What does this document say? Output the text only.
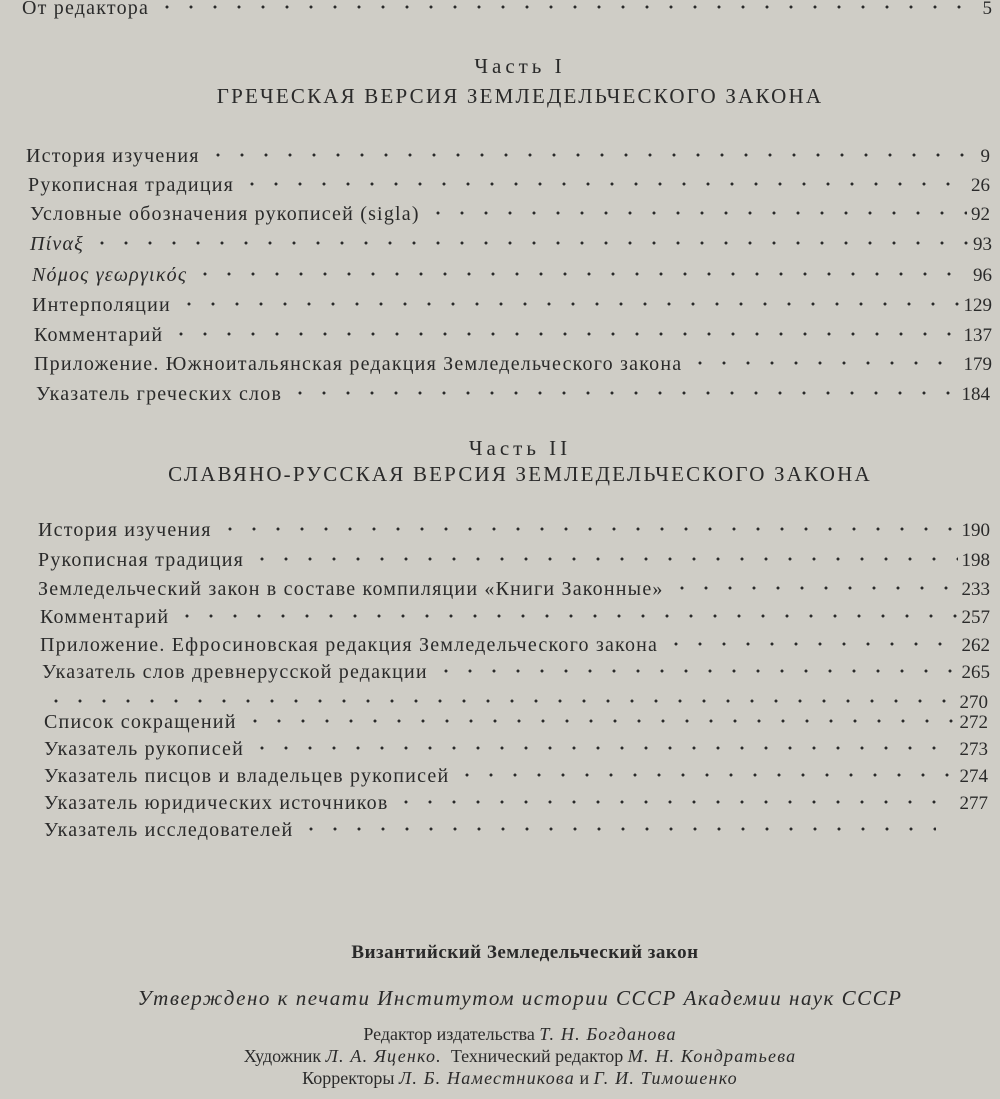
От редактора	5
Часть I
ГРЕЧЕСКАЯ ВЕРСИЯ ЗЕМЛЕДЕЛЬЧЕСКОГО ЗАКОНА
История изучения	9
Рукописная традиция	26
Условные обозначения рукописей (sigla)	92
Πίναξ	93
Νόμος γεωργικός	96
Интерполяции	129
Комментарий	137
Приложение. Южноитальянская редакция Земледельческого закона	179
Указатель греческих слов	184
Часть II
СЛАВЯНО-РУССКАЯ ВЕРСИЯ ЗЕМЛЕДЕЛЬЧЕСКОГО ЗАКОНА
История изучения	190
Рукописная традиция	198
Земледельческий закон в составе компиляции «Книги Законные»	233
Комментарий	257
Приложение. Ефросиновская редакция Земледельческого закона	262
Указатель слов древнерусской редакции	265
270
Список сокращений	272
Указатель рукописей	273
Указатель писцов и владельцев рукописей	274
Указатель юридических источников	277
Указатель исследователей
Византийский Земледельческий закон
Утверждено к печати Институтом истории СССР Академии наук СССР
Редактор издательства Т. Н. Богданова
Художник Л. А. Яценко. Технический редактор М. Н. Кондратьева
Корректоры Л. Б. Наместникова и Г. И. Тимошенко
